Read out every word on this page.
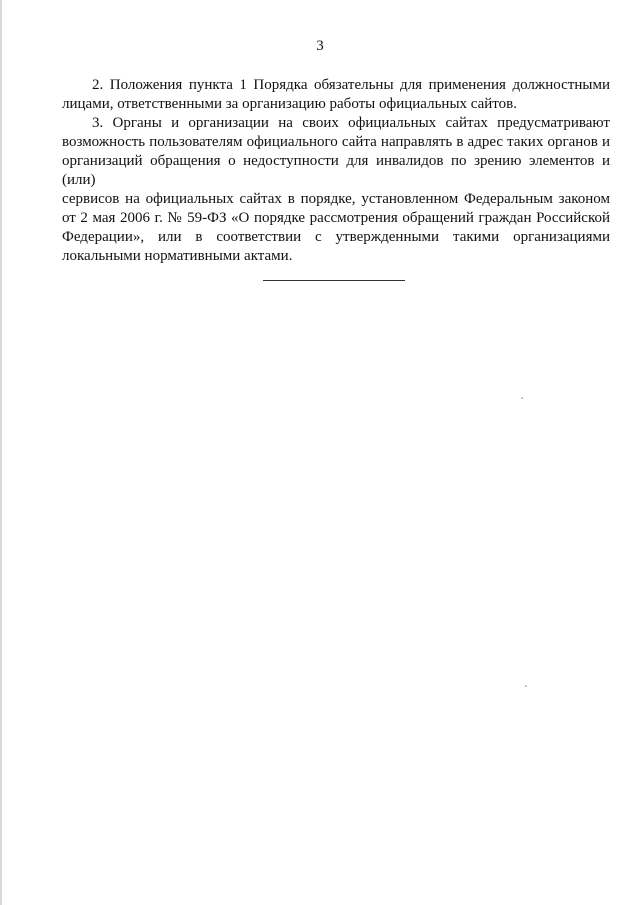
3

2. Положения пункта 1 Порядка обязательны для применения должностными
лицами, ответственными за организацию работы официальных сайтов.

3. Органы и организации на своих официальных сайтах предусматривают
возможность пользователям официального сайта направлять в адрес таких органов и
организаций обращения о недоступности для инвалидов по зрению элементов и (или)
сервисов на официальных сайтах в порядке, установленном Федеральным законом
от 2 мая 2006 г. № 59-ФЗ «О порядке рассмотрения обращений граждан Российской
Федерации», или в соответствии с утвержденными такими организациями
локальными нормативными актами.
